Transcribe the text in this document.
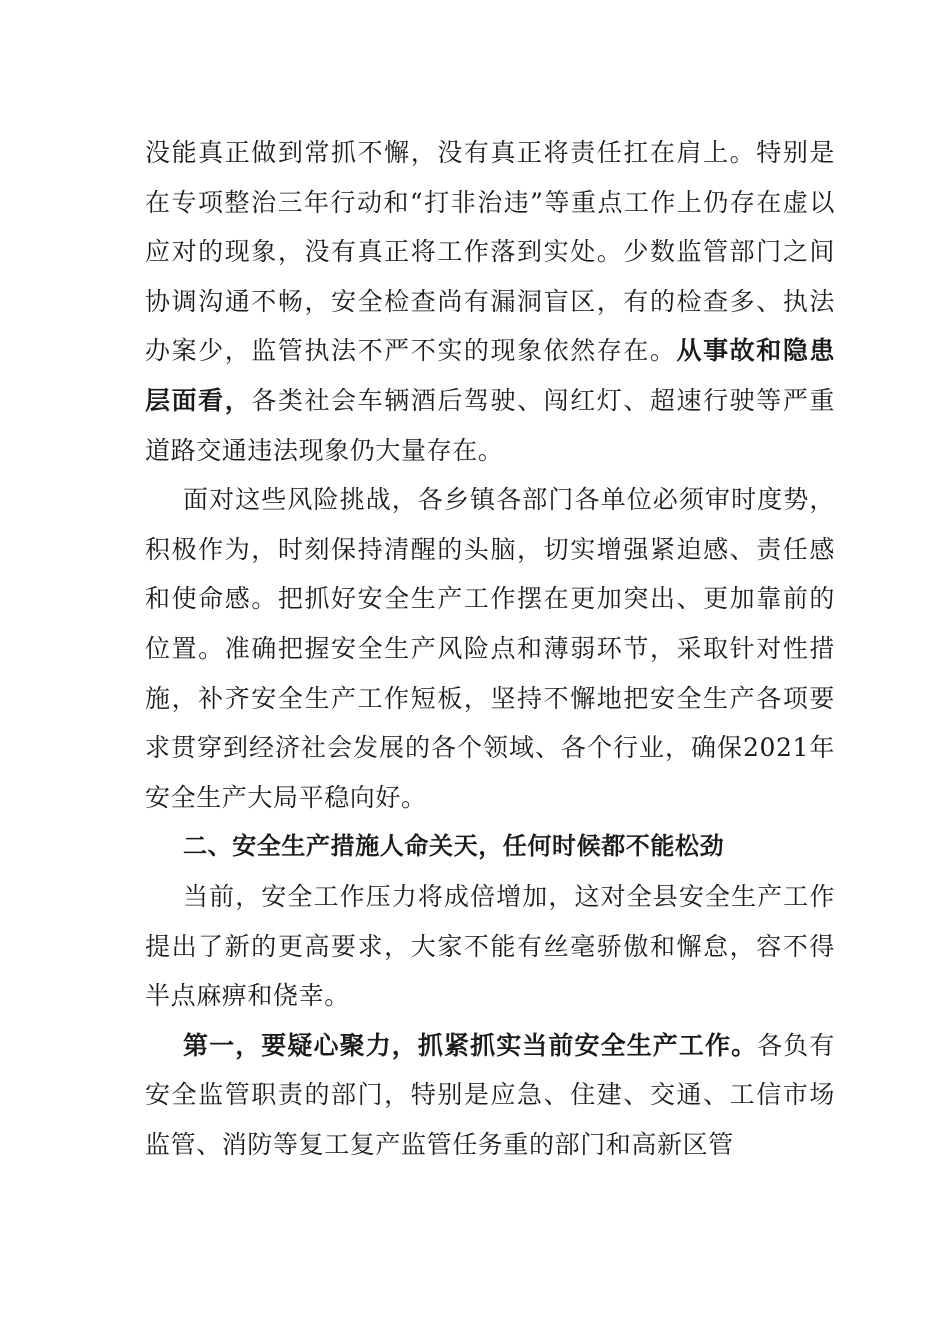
没能真正做到常抓不懈，没有真正将责任扛在肩上。特别是在专项整治三年行动和“打非治违”等重点工作上仍存在虚以应对的现象，没有真正将工作落到实处。少数监管部门之间协调沟通不畅，安全检查尚有漏洞盲区，有的检查多、执法办案少，监管执法不严不实的现象依然存在。从事故和隐患层面看，各类社会车辆酒后驾驶、闯红灯、超速行驶等严重道路交通违法现象仍大量存在。

面对这些风险挑战，各乡镇各部门各单位必须审时度势，积极作为，时刻保持清醒的头脑，切实增强紧迫感、责任感和使命感。把抓好安全生产工作摆在更加突出、更加靠前的位置。准确把握安全生产风险点和薄弱环节，采取针对性措施，补齐安全生产工作短板，坚持不懈地把安全生产各项要求贯穿到经济社会发展的各个领域、各个行业，确保2021年安全生产大局平稳向好。

二、安全生产措施人命关天，任何时候都不能松劲

当前，安全工作压力将成倍增加，这对全县安全生产工作提出了新的更高要求，大家不能有丝毫骄傲和懈怠，容不得半点麻痹和侥幸。

第一，要疑心聚力，抓紧抓实当前安全生产工作。各负有安全监管职责的部门，特别是应急、住建、交通、工信市场监管、消防等复工复产监管任务重的部门和高新区管
